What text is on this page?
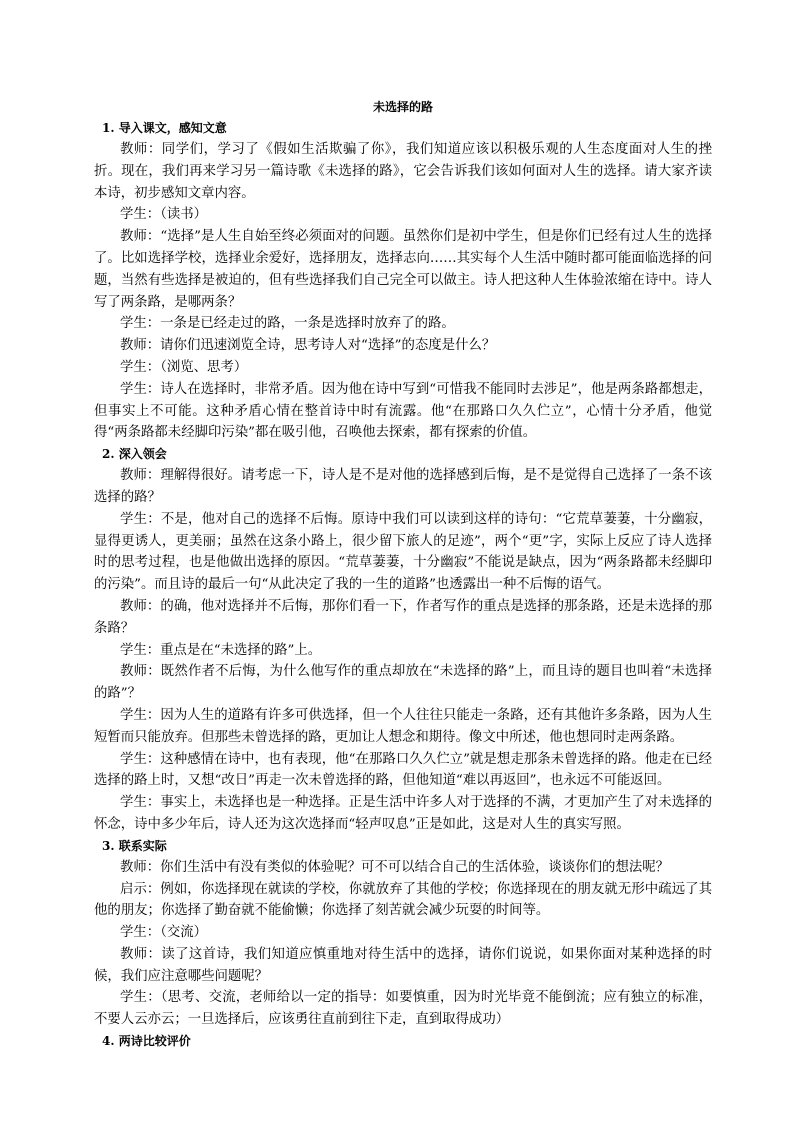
未选择的路
1. 导入课文，感知文意

教师：同学们，学习了《假如生活欺骗了你》，我们知道应该以积极乐观的人生态度面对人生的挫折。现在，我们再来学习另一篇诗歌《未选择的路》，它会告诉我们该如何面对人生的选择。请大家齐读本诗，初步感知文章内容。

学生：（读书）

教师：“选择”是人生自始至终必须面对的问题。虽然你们是初中学生，但是你们已经有过人生的选择了。比如选择学校，选择业余爱好，选择朋友，选择志向……其实每个人生活中随时都可能面临选择的问题，当然有些选择是被迫的，但有些选择我们自己完全可以做主。诗人把这种人生体验浓缩在诗中。诗人写了两条路，是哪两条？

学生：一条是已经走过的路，一条是选择时放弃了的路。

教师：请你们迅速浏览全诗，思考诗人对“选择”的态度是什么？

学生：（浏览、思考）

学生：诗人在选择时，非常矛盾。因为他在诗中写到“可惜我不能同时去涉足”，他是两条路都想走，但事实上不可能。这种矛盾心情在整首诗中时有流露。他“在那路口久久伫立”，心情十分矛盾，他觉得“两条路都未经脚印污染”都在吸引他，召唤他去探索，都有探索的价值。

2. 深入领会

教师：理解得很好。请考虑一下，诗人是不是对他的选择感到后悔，是不是觉得自己选择了一条不该选择的路？

学生：不是，他对自己的选择不后悔。原诗中我们可以读到这样的诗句：“它荒草萋萋，十分幽寂，显得更诱人，更美丽；虽然在这条小路上，很少留下旅人的足迹”，两个“更”字，实际上反应了诗人选择时的思考过程，也是他做出选择的原因。“荒草萋萋，十分幽寂”不能说是缺点，因为“两条路都未经脚印的污染”。而且诗的最后一句“从此决定了我的一生的道路”也透露出一种不后悔的语气。

教师：的确，他对选择并不后悔，那你们看一下，作者写作的重点是选择的那条路，还是未选择的那条路？

学生：重点是在“未选择的路”上。

教师：既然作者不后悔，为什么他写作的重点却放在“未选择的路”上，而且诗的题目也叫着“未选择的路”？

学生：因为人生的道路有许多可供选择，但一个人往往只能走一条路，还有其他许多条路，因为人生短暂而只能放弃。但那些未曾选择的路，更加让人想念和期待。像文中所述，他也想同时走两条路。

学生：这种感情在诗中，也有表现，他“在那路口久久伫立”就是想走那条未曾选择的路。他走在已经选择的路上时，又想“改日”再走一次未曾选择的路，但他知道“难以再返回”，也永远不可能返回。

学生：事实上，未选择也是一种选择。正是生活中许多人对于选择的不满，才更加产生了对未选择的怀念，诗中多少年后，诗人还为这次选择而“轻声叹息”正是如此，这是对人生的真实写照。

3. 联系实际

教师：你们生活中有没有类似的体验呢？可不可以结合自己的生活体验，谈谈你们的想法呢？

启示：例如，你选择现在就读的学校，你就放弃了其他的学校；你选择现在的朋友就无形中疏远了其他的朋友；你选择了勤奋就不能偷懒；你选择了刻苦就会减少玩耍的时间等。

学生：（交流）

教师：读了这首诗，我们知道应慎重地对待生活中的选择，请你们说说，如果你面对某种选择的时候，我们应注意哪些问题呢？

学生：（思考、交流，老师给以一定的指导：如要慎重，因为时光毕竟不能倒流；应有独立的标准，不要人云亦云；一旦选择后，应该勇往直前到往下走，直到取得成功）

4. 两诗比较评价
